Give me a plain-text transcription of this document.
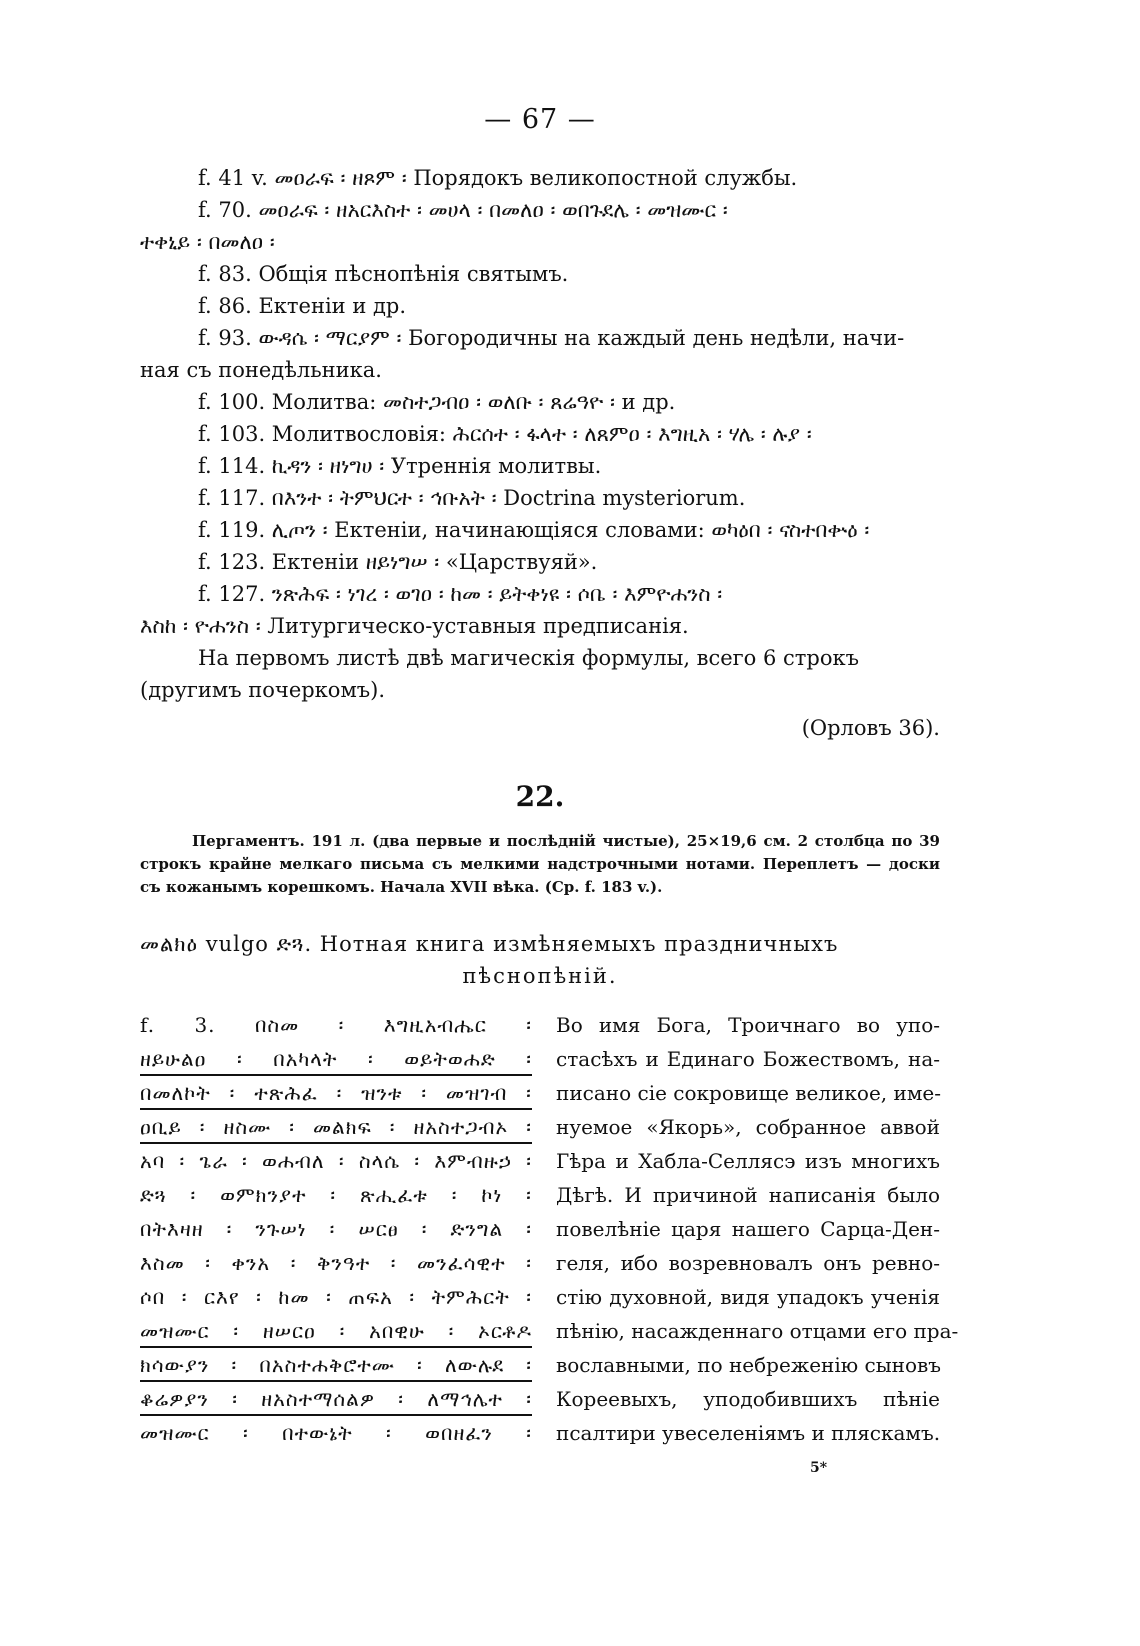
— 67 —

f. 41 v. መዐራፍ ፡ ዘጾም ፡ Порядокъ великопостной службы.

f. 70. መዐራፍ ፡ ዘአርእስተ ፡ መሀላ ፡ በመለዐ ፡ ወበጉደሌ ፡ መዝሙር ፡

ተቀኒይ ፡ በመለዐ ፡

f. 83. Общія пѣснопѣнія святымъ.

f. 86. Ектеніи и др.

f. 93. ውዳሴ ፡ ማርያም ፡ Богородичны на каждый день недѣли, начи-

ная съ понедѣльника.

f. 100. Молитва: መስተጋብዐ ፡ ወለቡ ፡ ጸሬዓዮ ፡ и др.

f. 103. Молитвословія: ሕርሰተ ፡ ፋላተ ፡ ለጸምዐ ፡ እግዚአ ፡ ሃሌ ፡ ሉያ ፡

f. 114. ኪዳን ፡ ዘነግሀ ፡ Утреннія молитвы.

f. 117. በእንተ ፡ ትምህርተ ፡ ኅቡአት ፡ Doctrina mysteriorum.

f. 119. ሊጦን ፡ Ектеніи, начинающіяся словами: ወካዕበ ፡ ናስተበቍዕ ፡

f. 123. Ектеніи ዘይነግሠ ፡ «Царствуяй».

f. 127. ንጽሕፍ ፡ ነገረ ፡ ወገዐ ፡ ከመ ፡ ይትቀነዩ ፡ ሶቤ ፡ እምዮሐንስ ፡

እስከ ፡ ዮሐንስ ፡ Литургическо-уставныя предписанія.

На первомъ листѣ двѣ магическія формулы, всего 6 строкъ (другимъ почеркомъ).

(Орловъ 36).

22.
Пергаментъ. 191 л. (два первые и послѣдній чистые), 25×19,6 см. 2 столбца по 39 строкъ крайне мелкаго письма съ мелкими надстрочными нотами. Переплетъ — доски съ кожанымъ корешкомъ. Начала XVII вѣка. (Ср. f. 183 v.).
መልክዕ vulgo ድጓ. Нотная книга измѣняемыхъ праздничныхъ
пѣснопѣній.
f. 3. በስመ ፡ እግዚአብሔር ፡
ዘይሁልዐ ፡ በአካላት ፡ ወይትወሐድ ፡
በመለኮት ፡ ተጽሕፈ ፡ ዝንቱ ፡ መዝገብ ፡
ዐቢይ ፡ ዘስሙ ፡ መልክፍ ፡ ዘአስተጋብኦ ፡
አባ ፡ ጌራ ፡ ወሐብለ ፡ ስላሴ ፡ እምብዙኃ ፡
ድጓ ፡ ወምክንያተ ፡ ጽሒፈቱ ፡ ኮነ ፡
በትእዛዘ ፡ ንጉሠነ ፡ ሠርፀ ፡ ድንግል ፡
እስመ ፡ ቀንአ ፡ ቅንዓተ ፡ መንፈሳዊተ ፡
ሶበ ፡ ርእየ ፡ ከመ ፡ ጠፍአ ፡ ትምሕርት ፡
መዝሙር ፡ ዘሠርዐ ፡ አበዊሁ ፡ ኦርቶዶ
ክሳውያን ፡ በአስተሐቅሮተሙ ፡ ለውሉደ ፡
ቆሬዎያን ፡ ዘአስተማሰልዎ ፡ ለማኅሌተ ፡
መዝሙር ፡ በተውኔት ፡ ወበዘፈን ፡
Во имя Бога, Троичнаго во упо-
стасѣхъ и Единаго Божествомъ, на-
писано сіе сокровище великое, име-
нуемое «Якорь», собранное аввой
Гѣра и Хабла-Селлясэ изъ многихъ
Дѣгѣ. И причиной написанія было
повелѣніе царя нашего Сарца-Ден-
геля, ибо возревновалъ онъ ревно-
стію духовной, видя упадокъ ученія
пѣнію, насажденнаго отцами его пра-
вославными, по небреженію сыновъ
Кореевыхъ, уподобившихъ пѣніе
псалтири увеселеніямъ и пляскамъ.
5*
